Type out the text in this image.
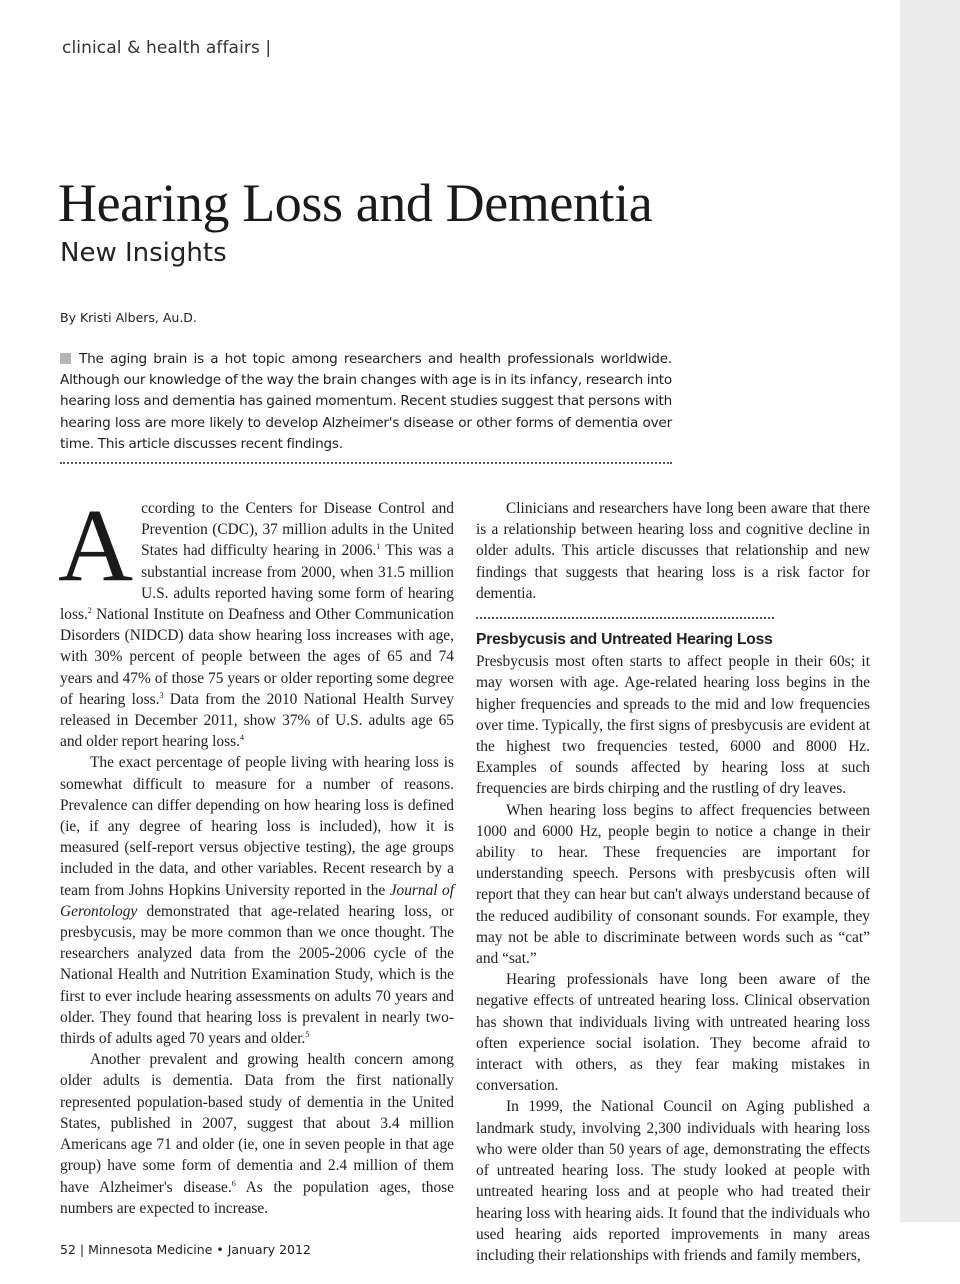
clinical & health affairs |
Hearing Loss and Dementia
New Insights
By Kristi Albers, Au.D.
The aging brain is a hot topic among researchers and health professionals worldwide. Although our knowledge of the way the brain changes with age is in its infancy, research into hearing loss and dementia has gained momentum. Recent studies suggest that persons with hearing loss are more likely to develop Alzheimer's disease or other forms of dementia over time. This article discusses recent findings.

According to the Centers for Disease Control and Prevention (CDC), 37 million adults in the United States had difficulty hearing in 2006.$^1$ This was a substantial increase from 2000, when 31.5 million U.S. adults reported having some form of hearing loss.$^2$ National Institute on Deafness and Other Communication Disorders (NIDCD) data show hearing loss increases with age, with 30% percent of people between the ages of 65 and 74 years and 47% of those 75 years or older reporting some degree of hearing loss.$^3$ Data from the 2010 National Health Survey released in December 2011, show 37% of U.S. adults age 65 and older report hearing loss.$^4$

The exact percentage of people living with hearing loss is somewhat difficult to measure for a number of reasons. Prevalence can differ depending on how hearing loss is defined (ie, if any degree of hearing loss is included), how it is measured (self-report versus objective testing), the age groups included in the data, and other variables. Recent research by a team from Johns Hopkins University reported in the Journal of Gerontology demonstrated that age-related hearing loss, or presbycusis, may be more common than we once thought. The researchers analyzed data from the 2005-2006 cycle of the National Health and Nutrition Examination Study, which is the first to ever include hearing assessments on adults 70 years and older. They found that hearing loss is prevalent in nearly two-thirds of adults aged 70 years and older.$^5$

Another prevalent and growing health concern among older adults is dementia. Data from the first nationally represented population-based study of dementia in the United States, published in 2007, suggest that about 3.4 million Americans age 71 and older (ie, one in seven people in that age group) have some form of dementia and 2.4 million of them have Alzheimer's disease.$^6$ As the population ages, those numbers are expected to increase.

Clinicians and researchers have long been aware that there is a relationship between hearing loss and cognitive decline in older adults. This article discusses that relationship and new findings that suggests that hearing loss is a risk factor for dementia.

Presbycusis and Untreated Hearing Loss

Presbycusis most often starts to affect people in their 60s; it may worsen with age. Age-related hearing loss begins in the higher frequencies and spreads to the mid and low frequencies over time. Typically, the first signs of presbycusis are evident at the highest two frequencies tested, 6000 and 8000 Hz. Examples of sounds affected by hearing loss at such frequencies are birds chirping and the rustling of dry leaves.

When hearing loss begins to affect frequencies between 1000 and 6000 Hz, people begin to notice a change in their ability to hear. These frequencies are important for understanding speech. Persons with presbycusis often will report that they can hear but can't always understand because of the reduced audibility of consonant sounds. For example, they may not be able to discriminate between words such as “cat” and “sat.”

Hearing professionals have long been aware of the negative effects of untreated hearing loss. Clinical observation has shown that individuals living with untreated hearing loss often experience social isolation. They become afraid to interact with others, as they fear making mistakes in conversation.

In 1999, the National Council on Aging published a landmark study, involving 2,300 individuals with hearing loss who were older than 50 years of age, demonstrating the effects of untreated hearing loss. The study looked at people with untreated hearing loss and at people who had treated their hearing loss with hearing aids. It found that the individuals who used hearing aids reported improvements in many areas including their relationships with friends and family members,

52 | Minnesota Medicine • January 2012
